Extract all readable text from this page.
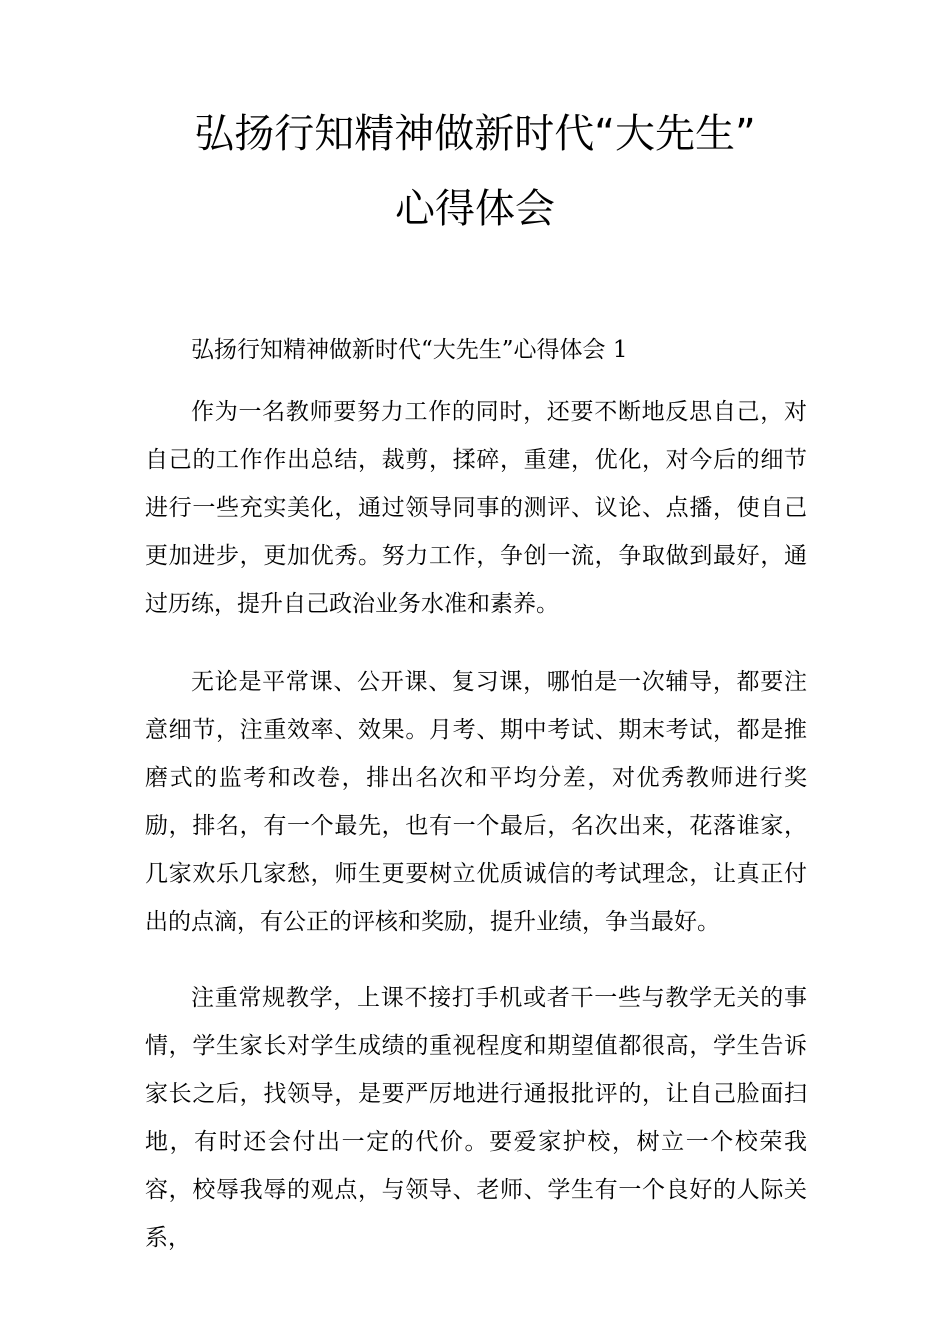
弘扬行知精神做新时代“大先生”
心得体会

弘扬行知精神做新时代“大先生”心得体会 1

作为一名教师要努力工作的同时，还要不断地反思自己，对自己的工作作出总结，裁剪，揉碎，重建，优化，对今后的细节进行一些充实美化，通过领导同事的测评、议论、点播，使自己更加进步，更加优秀。努力工作，争创一流，争取做到最好，通过历练，提升自己政治业务水准和素养。

无论是平常课、公开课、复习课，哪怕是一次辅导，都要注意细节，注重效率、效果。月考、期中考试、期末考试，都是推磨式的监考和改卷，排出名次和平均分差，对优秀教师进行奖励，排名，有一个最先，也有一个最后，名次出来，花落谁家，几家欢乐几家愁，师生更要树立优质诚信的考试理念，让真正付出的点滴，有公正的评核和奖励，提升业绩，争当最好。

注重常规教学，上课不接打手机或者干一些与教学无关的事情，学生家长对学生成绩的重视程度和期望值都很高，学生告诉家长之后，找领导，是要严厉地进行通报批评的，让自己脸面扫地，有时还会付出一定的代价。要爱家护校，树立一个校荣我容，校辱我辱的观点，与领导、老师、学生有一个良好的人际关系，
